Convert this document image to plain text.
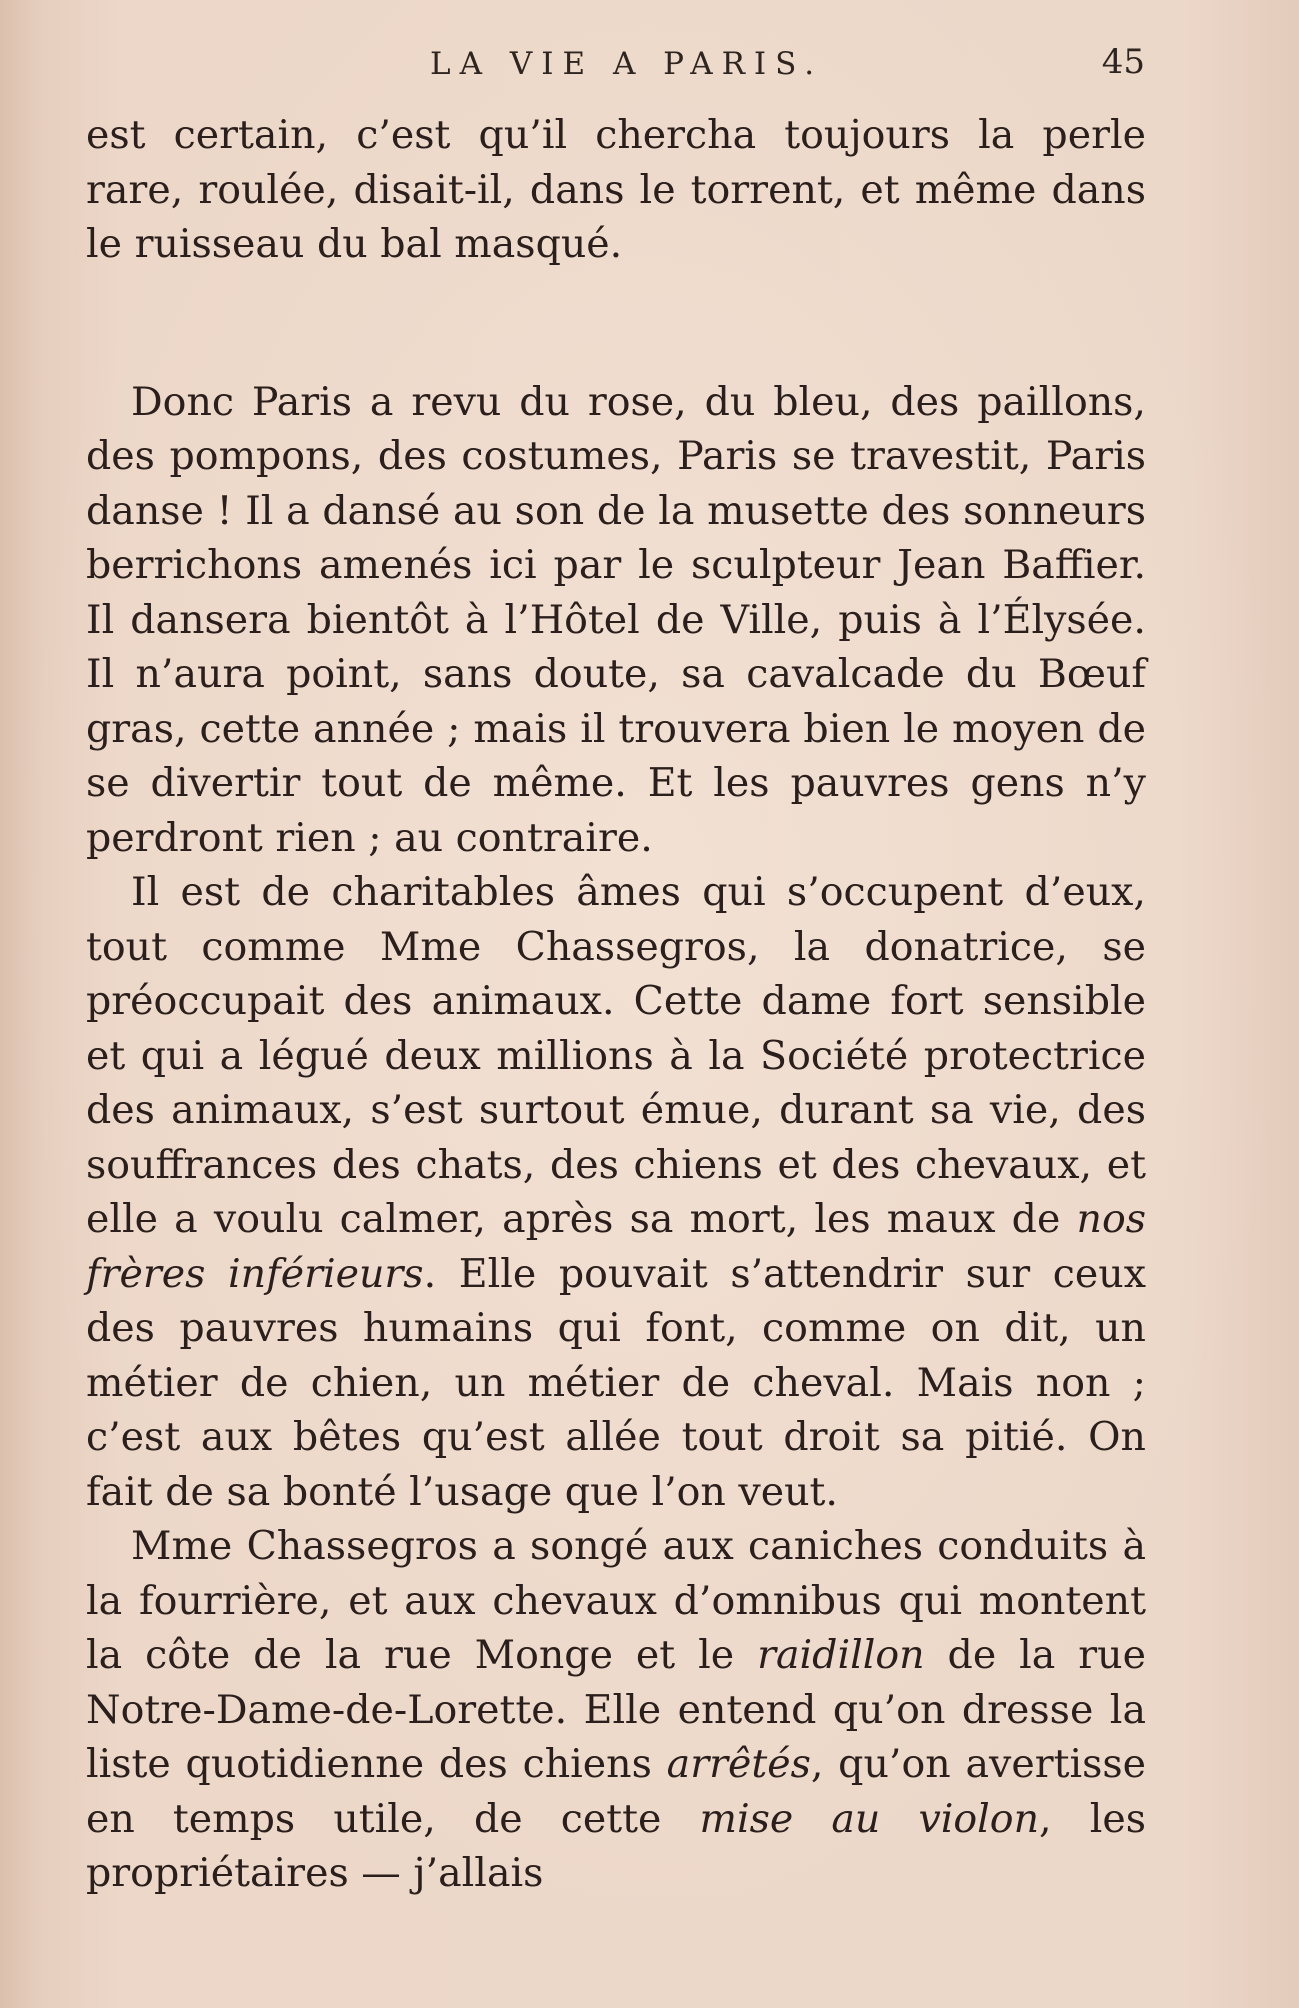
LA VIE A PARIS.	45

est certain, c’est qu’il chercha toujours la perle rare, roulée, disait-il, dans le torrent, et même dans le ruisseau du bal masqué.

Donc Paris a revu du rose, du bleu, des paillons, des pompons, des costumes, Paris se travestit, Paris danse ! Il a dansé au son de la musette des sonneurs berrichons amenés ici par le sculpteur Jean Baffier. Il dansera bientôt à l’Hôtel de Ville, puis à l’Élysée. Il n’aura point, sans doute, sa cavalcade du Bœuf gras, cette année ; mais il trouvera bien le moyen de se divertir tout de même. Et les pauvres gens n’y perdront rien ; au contraire.

Il est de charitables âmes qui s’occupent d’eux, tout comme Mme Chassegros, la donatrice, se préoccupait des animaux. Cette dame fort sensible et qui a légué deux millions à la Société protectrice des animaux, s’est surtout émue, durant sa vie, des souffrances des chats, des chiens et des chevaux, et elle a voulu calmer, après sa mort, les maux de nos frères inférieurs. Elle pouvait s’attendrir sur ceux des pauvres humains qui font, comme on dit, un métier de chien, un métier de cheval. Mais non ; c’est aux bêtes qu’est allée tout droit sa pitié. On fait de sa bonté l’usage que l’on veut.

Mme Chassegros a songé aux caniches conduits à la fourrière, et aux chevaux d’omnibus qui montent la côte de la rue Monge et le raidillon de la rue Notre-Dame-de-Lorette. Elle entend qu’on dresse la liste quotidienne des chiens arrêtés, qu’on avertisse en temps utile, de cette mise au violon, les propriétaires — j’allais
